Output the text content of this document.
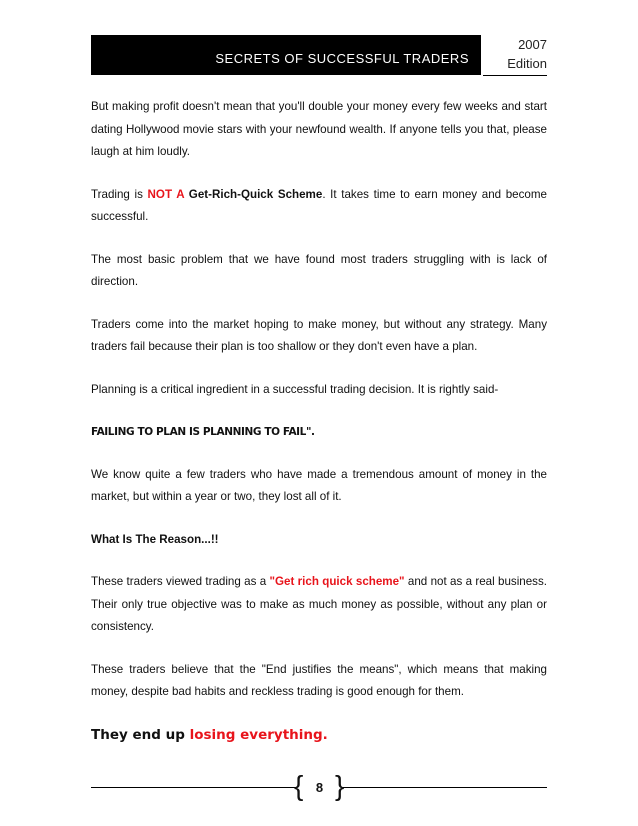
SECRETS OF SUCCESSFUL TRADERS
2007
Edition

But making profit doesn't mean that you'll double your money every few weeks and start dating Hollywood movie stars with your newfound wealth. If anyone tells you that, please laugh at him loudly.

Trading is NOT A Get-Rich-Quick Scheme. It takes time to earn money and become successful.

The most basic problem that we have found most traders struggling with is lack of direction.

Traders come into the market hoping to make money, but without any strategy. Many traders fail because their plan is too shallow or they don't even have a plan.

Planning is a critical ingredient in a successful trading decision. It is rightly said-

FAILING TO PLAN IS PLANNING TO FAIL".

We know quite a few traders who have made a tremendous amount of money in the market, but within a year or two, they lost all of it.

What Is The Reason...!!

These traders viewed trading as a "Get rich quick scheme" and not as a real business. Their only true objective was to make as much money as possible, without any plan or consistency.

These traders believe that the "End justifies the means", which means that making money, despite bad habits and reckless trading is good enough for them.

They end up losing everything.

{ 8 }
